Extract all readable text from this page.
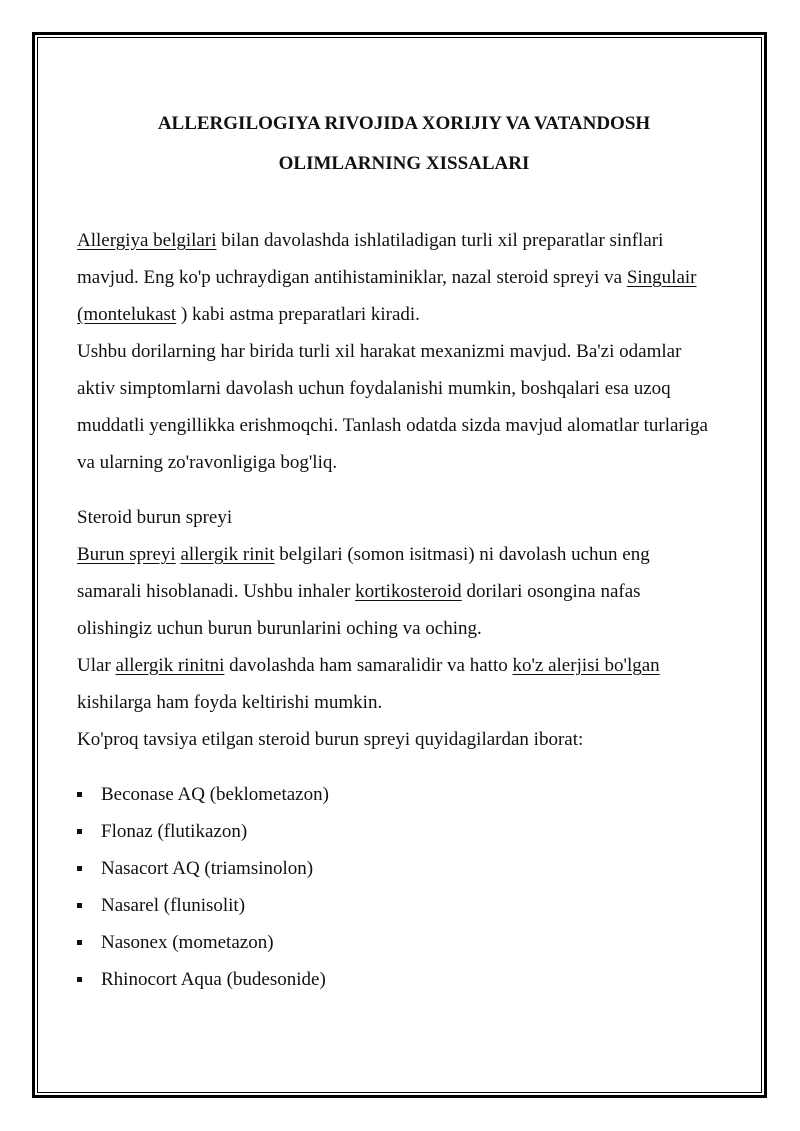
ALLERGILOGIYA RIVOJIDA XORIJIY VA VATANDOSH
OLIMLARNING XISSALARI

Allergiya belgilari bilan davolashda ishlatiladigan turli xil preparatlar sinflari mavjud. Eng ko'p uchraydigan antihistaminiklar, nazal steroid spreyi va Singulair (montelukast ) kabi astma preparatlari kiradi.
Ushbu dorilarning har birida turli xil harakat mexanizmi mavjud. Ba'zi odamlar aktiv simptomlarni davolash uchun foydalanishi mumkin, boshqalari esa uzoq muddatli yengillikka erishmoqchi. Tanlash odatda sizda mavjud alomatlar turlariga va ularning zo'ravonligiga bog'liq.

Steroid burun spreyi

Burun spreyi allergik rinit belgilari (somon isitmasi) ni davolash uchun eng samarali hisoblanadi. Ushbu inhaler kortikosteroid dorilari osongina nafas olishingiz uchun burun burunlarini oching va oching.
Ular allergik rinitni davolashda ham samaralidir va hatto ko'z alerjisi bo'lgan kishilarga ham foyda keltirishi mumkin.
Ko'proq tavsiya etilgan steroid burun spreyi quyidagilardan iborat:

Beconase AQ (beklometazon)
Flonaz (flutikazon)
Nasacort AQ (triamsinolon)
Nasarel (flunisolit)
Nasonex (mometazon)
Rhinocort Aqua (budesonide)
